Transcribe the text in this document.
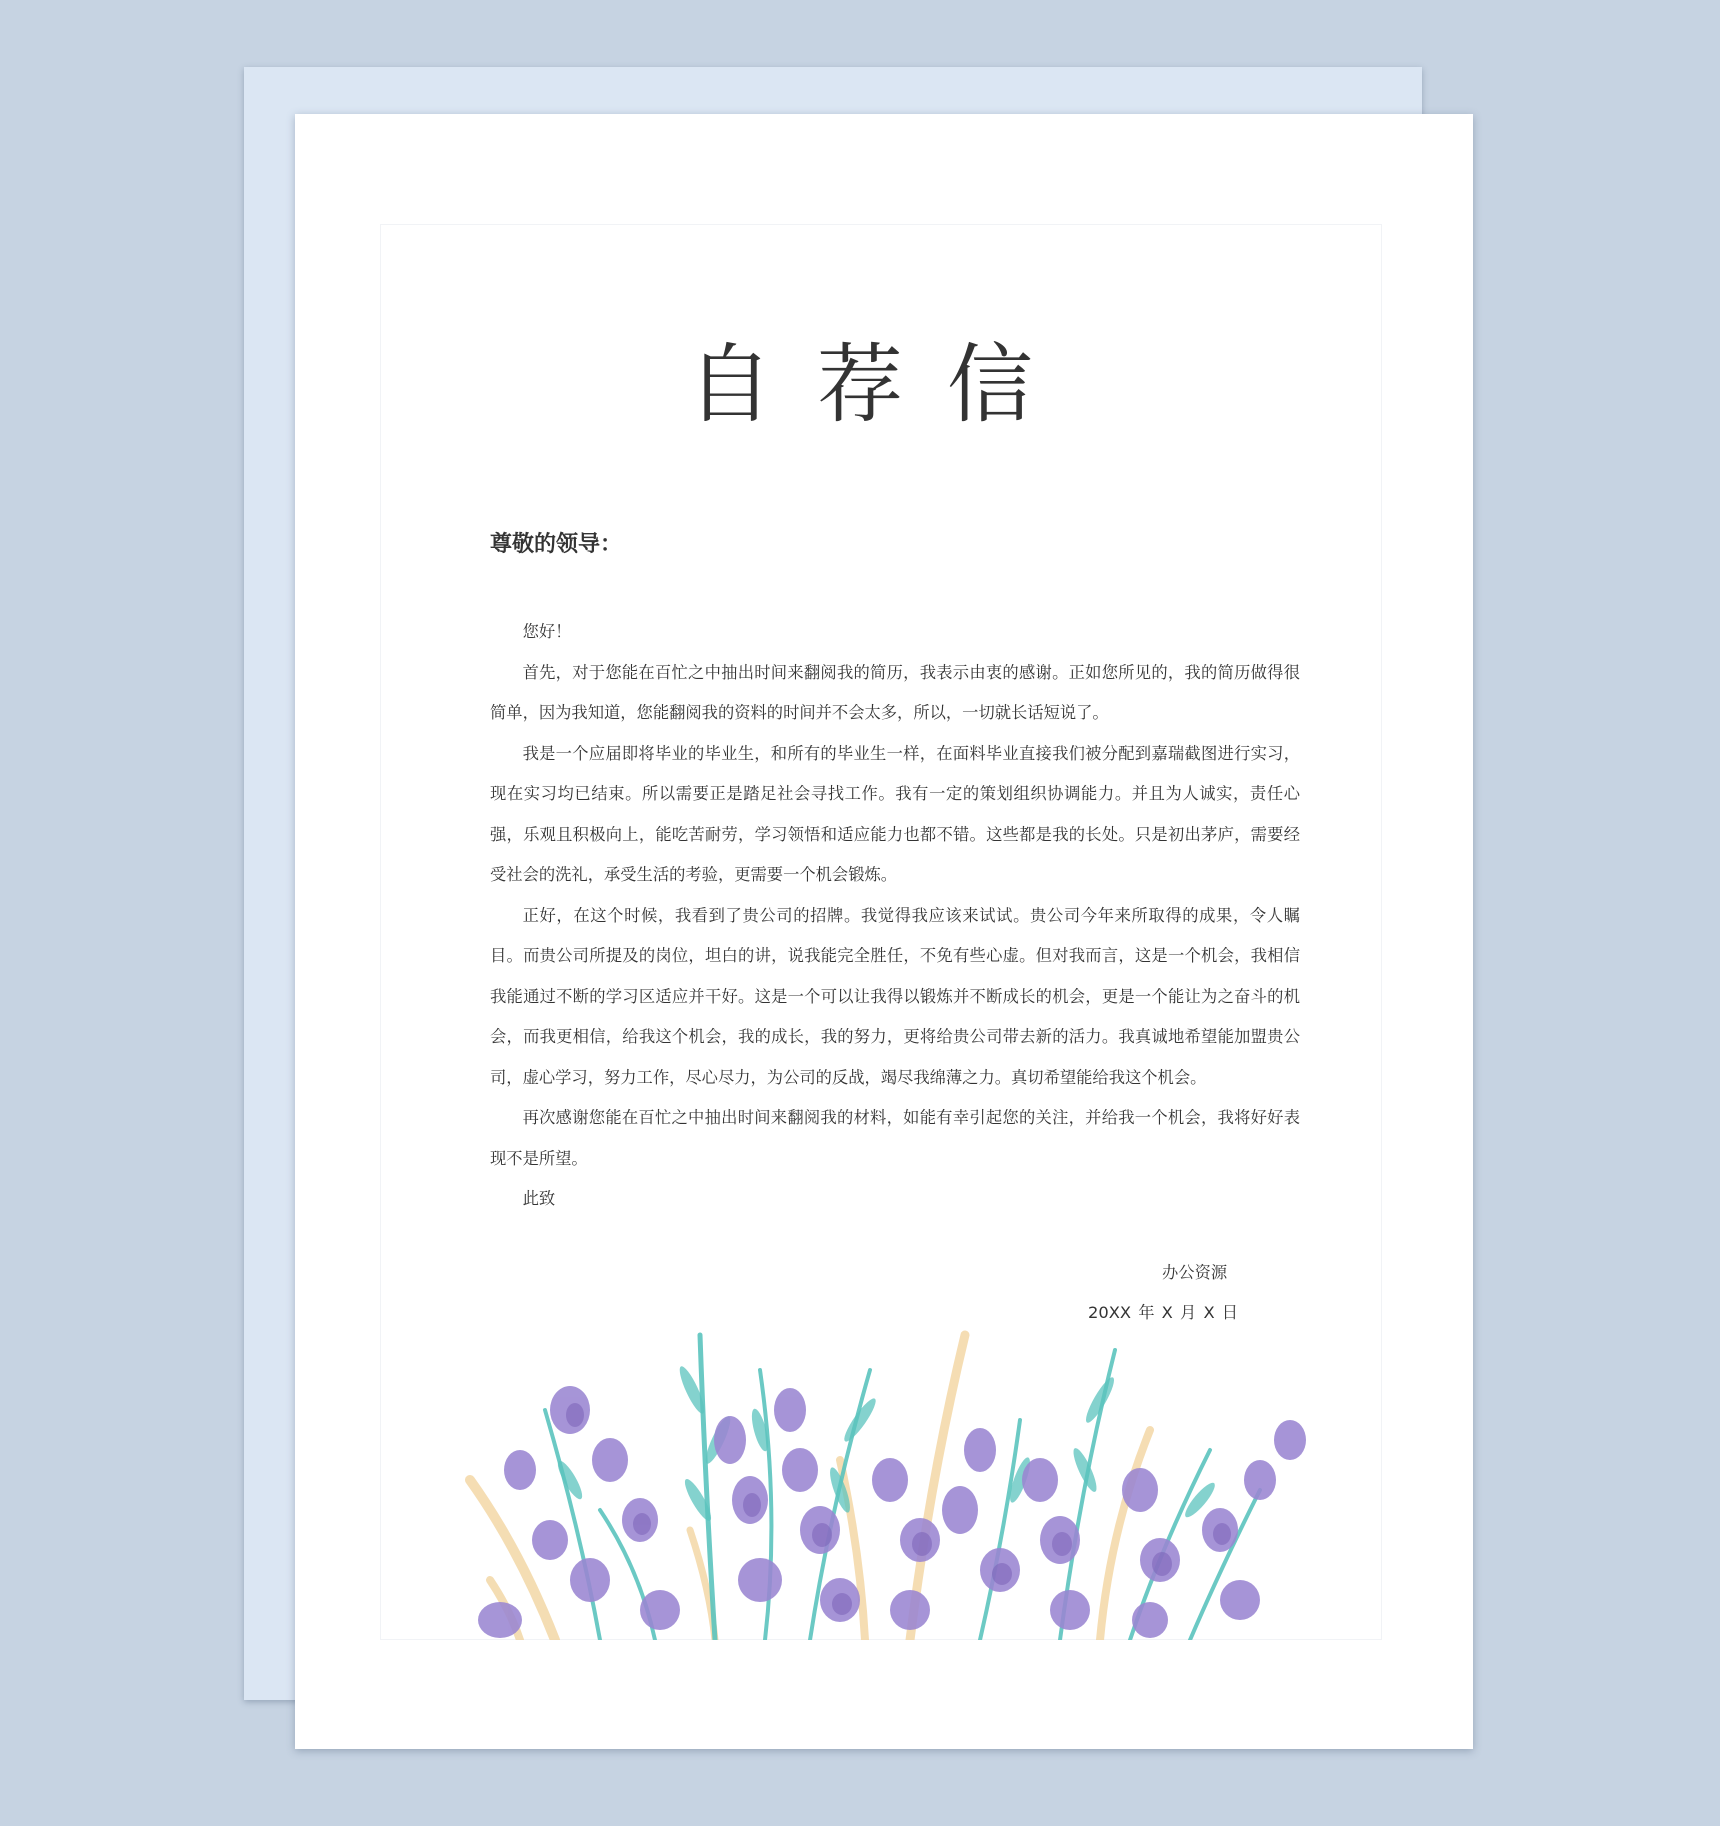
自荐信
尊敬的领导：

您好！

首先，对于您能在百忙之中抽出时间来翻阅我的简历，我表示由衷的感谢。正如您所见的，我的简历做得很简单，因为我知道，您能翻阅我的资料的时间并不会太多，所以，一切就长话短说了。

我是一个应届即将毕业的毕业生，和所有的毕业生一样，在面料毕业直接我们被分配到嘉瑞截图进行实习，现在实习均已结束。所以需要正是踏足社会寻找工作。我有一定的策划组织协调能力。并且为人诚实，责任心强，乐观且积极向上，能吃苦耐劳，学习领悟和适应能力也都不错。这些都是我的长处。只是初出茅庐，需要经受社会的洗礼，承受生活的考验，更需要一个机会锻炼。

正好，在这个时候，我看到了贵公司的招牌。我觉得我应该来试试。贵公司今年来所取得的成果，令人瞩目。而贵公司所提及的岗位，坦白的讲，说我能完全胜任，不免有些心虚。但对我而言，这是一个机会，我相信我能通过不断的学习区适应并干好。这是一个可以让我得以锻炼并不断成长的机会，更是一个能让为之奋斗的机会，而我更相信，给我这个机会，我的成长，我的努力，更将给贵公司带去新的活力。我真诚地希望能加盟贵公司，虚心学习，努力工作，尽心尽力，为公司的反战，竭尽我绵薄之力。真切希望能给我这个机会。

再次感谢您能在百忙之中抽出时间来翻阅我的材料，如能有幸引起您的关注，并给我一个机会，我将好好表现不是所望。

此致

办公资源
20XX 年 X 月 X 日
